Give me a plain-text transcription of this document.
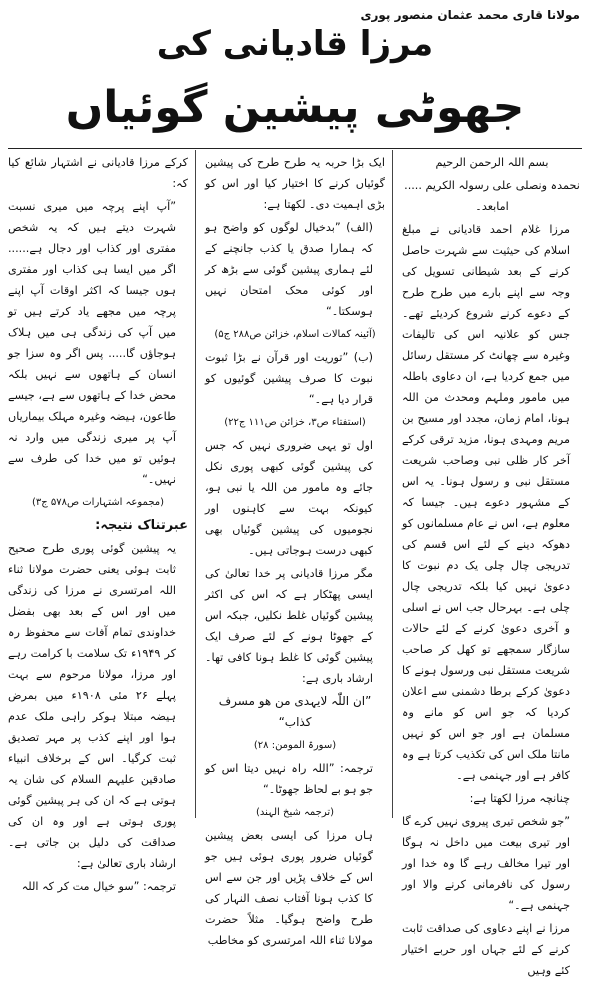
مولانا قاری محمد عثمان منصور پوری
مرزا قادیانی کی
جھوٹی پیشین گوئیاں

بسم اللہ الرحمن الرحیم

نحمدہ ونصلی علی رسولہ الکریم ..... امابعد۔

مرزا غلام احمد قادیانی نے مبلغ اسلام کی حیثیت سے شہرت حاصل کرنے کے بعد شیطانی تسویل کی وجہ سے اپنے بارے میں طرح طرح کے دعوے کرنے شروع کردیئے تھے۔ جس کو علانیہ اس کی تالیفات وغیرہ سے چھانٹ کر مستقل رسائل میں جمع کردیا ہے، ان دعاوی باطلہ میں مامور وملہم ومحدث من اللہ ہونا، امام زمان، مجدد اور مسیح بن مریم ومہدی ہونا، مزید ترقی کرکے آخر کار ظلی نبی وصاحب شریعت مستقل نبی و رسول ہونا۔ یہ اس کے مشہور دعوے ہیں۔ جیسا کہ معلوم ہے، اس نے عام مسلمانوں کو دھوکہ دینے کے لئے اس قسم کی تدریجی چال چلی یک دم نبوت کا دعویٰ نہیں کیا بلکہ تدریجی چال چلی ہے۔ بہرحال جب اس نے اسلی و آخری دعویٰ کرنے کے لئے حالات سازگار سمجھے تو کھل کر صاحب شریعت مستقل نبی ورسول ہونے کا دعویٰ کرکے برطا دشمنی سے اعلان کردیا کہ جو اس کو مانے وہ مسلمان ہے اور جو اس کو نہیں مانتا ملک اس کی تکذیب کرتا ہے وہ کافر ہے اور جہنمی ہے۔

چنانچہ مرزا لکھتا ہے:

”جو شخص تیری پیروی نہیں کرے گا اور تیری بیعت میں داخل نہ ہوگا اور تیرا مخالف رہے گا وہ خدا اور رسول کی نافرمانی کرنے والا اور جہنمی ہے۔“

مرزا نے اپنے دعاوی کی صداقت ثابت کرنے کے لئے جہاں اور حربے اختیار کئے وہیں

ایک بڑا حربہ یہ طرح طرح کی پیشین گوئیاں کرنے کا اختیار کیا اور اس کو بڑی اہمیت دی۔ لکھتا ہے:

(الف) ”بدخیال لوگوں کو واضح ہو کہ ہمارا صدق یا کذب جانچنے کے لئے ہماری پیشین گوئی سے بڑھ کر اور کوئی محک امتحان نہیں ہوسکتا۔“

(آئینہ کمالات اسلام، خزائن ص۲۸۸ ج۵)

(ب) ”توریت اور قرآن نے بڑا ثبوت نبوت کا صرف پیشین گوئیوں کو قرار دیا ہے۔“

(استفتاء ص۳، خزائن ص۱۱۱ ج۲۲)

اول تو یہی ضروری نہیں کہ جس کی پیشین گوئی کبھی پوری نکل جائے وہ مامور من اللہ یا نبی ہو، کیونکہ بہت سے کاہنوں اور نجومیوں کی پیشین گوئیاں بھی کبھی درست ہوجاتی ہیں۔

مگر مرزا قادیانی پر خدا تعالیٰ کی ایسی پھٹکار ہے کہ اس کی اکثر پیشین گوئیاں غلط نکلیں، جبکہ اس کے جھوٹا ہونے کے لئے صرف ایک پیشین گوئی کا غلط ہونا کافی تھا۔ ارشاد باری ہے:

”ان اللّٰہ لایہدی من ھو مسرف کذاب“

(سورۃ المومن: ۲۸)

ترجمہ: ”اللہ راہ نہیں دیتا اس کو جو ہو بے لحاظ جھوٹا۔“

(ترجمہ شیخ الہند)

ہاں مرزا کی ایسی بعض پیشین گوئیاں ضرور پوری ہوئی ہیں جو اس کے خلاف پڑیں اور جن سے اس کا کذب ہونا آفتاب نصف النہار کی طرح واضح ہوگیا۔ مثلاً حضرت مولانا ثناء اللہ امرتسری کو مخاطب

کرکے مرزا قادیانی نے اشتہار شائع کیا کہ:

”آپ اپنے پرچہ میں میری نسبت شہرت دیتے ہیں کہ یہ شخص مفتری اور کذاب اور دجال ہے...... اگر میں ایسا ہی کذاب اور مفتری ہوں جیسا کہ اکثر اوقات آپ اپنے پرچہ میں مجھے یاد کرتے ہیں تو میں آپ کی زندگی ہی میں ہلاک ہوجاؤں گا..... پس اگر وہ سزا جو انسان کے ہاتھوں سے نہیں بلکہ محض خدا کے ہاتھوں سے ہے، جیسے طاعون، ہیضہ وغیرہ مہلک بیماریاں آپ پر میری زندگی میں وارد نہ ہوئیں تو میں خدا کی طرف سے نہیں۔“

(مجموعہ اشتہارات ص۵۷۸ ج۳)

عبرتناک نتیجہ:

یہ پیشین گوئی پوری طرح صحیح ثابت ہوئی یعنی حضرت مولانا ثناء اللہ امرتسری نے مرزا کی زندگی میں اور اس کے بعد بھی بفضل خداوندی تمام آفات سے محفوظ رہ کر ۱۹۴۹ء تک سلامت با کرامت رہے اور مرزا، مولانا مرحوم سے بہت پہلے ۲۶ مئی ۱۹۰۸ء میں بمرض ہیضہ مبتلا ہوکر راہی ملک عدم ہوا اور اپنے کذب پر مہر تصدیق ثبت کرگیا۔ اس کے برخلاف انبیاء صادقین علیہم السلام کی شان یہ ہوتی ہے کہ ان کی ہر پیشین گوئی پوری ہوتی ہے اور وہ ان کی صداقت کی دلیل بن جاتی ہے۔ ارشاد باری تعالیٰ ہے:

ترجمہ: ”سو خیال مت کر کہ اللہ
